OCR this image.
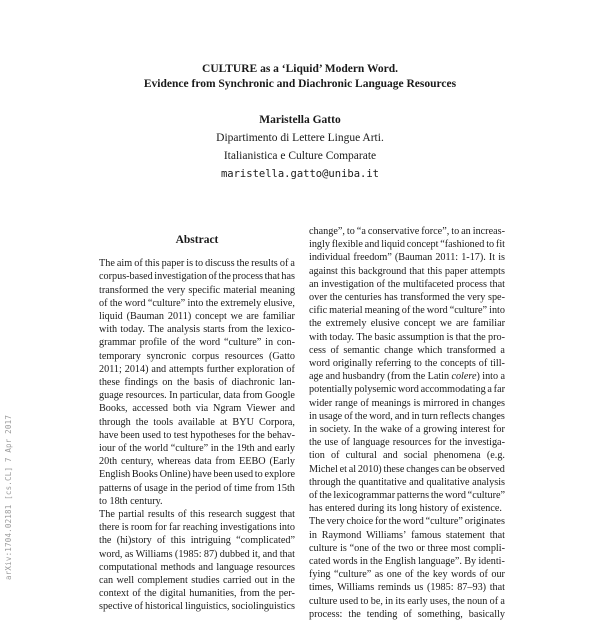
arXiv:1704.02181 [cs.CL] 7 Apr 2017
CULTURE as a ‘Liquid’ Modern Word.
Evidence from Synchronic and Diachronic Language Resources
Maristella Gatto
Dipartimento di Lettere Lingue Arti.
Italianistica e Culture Comparate
maristella.gatto@uniba.it
Abstract
The aim of this paper is to discuss the results of a
corpus-based investigation of the process that has
transformed the very specific material meaning
of the word “culture” into the extremely elusive,
liquid (Bauman 2011) concept we are familiar
with today. The analysis starts from the lexico-
grammar profile of the word “culture” in con-
temporary syncronic corpus resources (Gatto
2011; 2014) and attempts further exploration of
these findings on the basis of diachronic lan-
guage resources. In particular, data from Google
Books, accessed both via Ngram Viewer and
through the tools available at BYU Corpora,
have been used to test hypotheses for the behav-
iour of the world “culture” in the 19th and early
20th century, whereas data from EEBO (Early
English Books Online) have been used to explore
patterns of usage in the period of time from 15th
to 18th century.
The partial results of this research suggest that
there is room for far reaching investigations into
the (hi)story of this intriguing “complicated”
word, as Williams (1985: 87) dubbed it, and that
computational methods and language resources
can well complement studies carried out in the
context of the digital humanities, from the per-
spective of historical linguistics, sociolinguistics
change”, to “a conservative force”, to an increas-
ingly flexible and liquid concept “fashioned to fit
individual freedom” (Bauman 2011: 1-17). It is
against this background that this paper attempts
an investigation of the multifaceted process that
over the centuries has transformed the very spe-
cific material meaning of the word “culture” into
the extremely elusive concept we are familiar
with today. The basic assumption is that the pro-
cess of semantic change which transformed a
word originally referring to the concepts of till-
age and husbandry (from the Latin colere) into a
potentially polysemic word accommodating a far
wider range of meanings is mirrored in changes
in usage of the word, and in turn reflects changes
in society. In the wake of a growing interest for
the use of language resources for the investiga-
tion of cultural and social phenomena (e.g.
Michel et al 2010) these changes can be observed
through the quantitative and qualitative analysis
of the lexicogrammar patterns the word “culture”
has entered during its long history of existence.
The very choice for the word “culture” originates
in Raymond Williams’ famous statement that
culture is “one of the two or three most compli-
cated words in the English language”. By identi-
fying “culture” as one of the key words of our
times, Williams reminds us (1985: 87–93) that
culture used to be, in its early uses, the noun of a
process: the tending of something, basically
